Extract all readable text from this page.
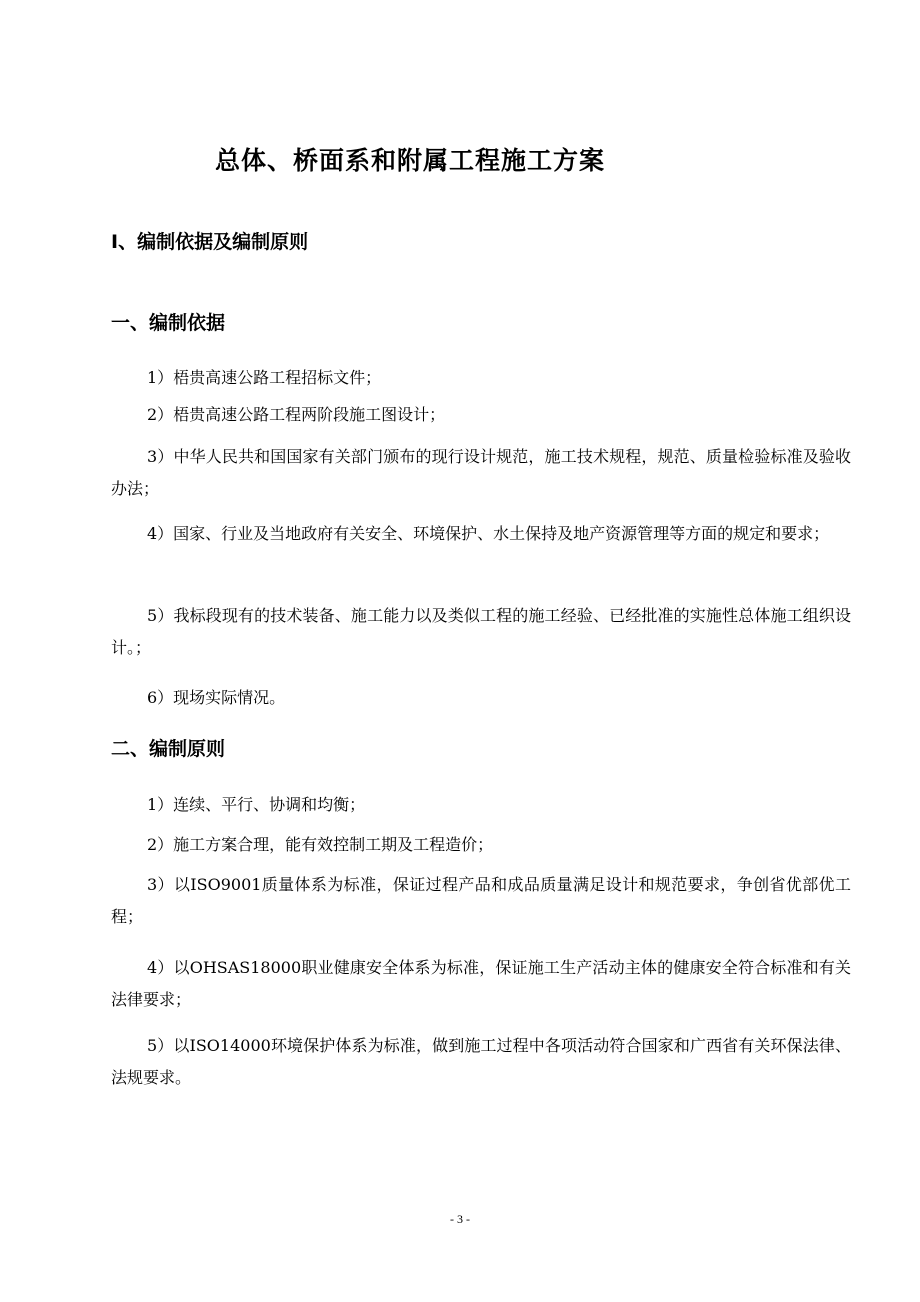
总体、桥面系和附属工程施工方案
Ⅰ、编制依据及编制原则
一、编制依据
1）梧贵高速公路工程招标文件；
2）梧贵高速公路工程两阶段施工图设计；
3）中华人民共和国国家有关部门颁布的现行设计规范，施工技术规程，规范、质量检验标准及验收办法；
4）国家、行业及当地政府有关安全、环境保护、水土保持及地产资源管理等方面的规定和要求；
5）我标段现有的技术装备、施工能力以及类似工程的施工经验、已经批准的实施性总体施工组织设计。；
6）现场实际情况。
二、编制原则
1）连续、平行、协调和均衡；
2）施工方案合理，能有效控制工期及工程造价；
3）以ISO9001质量体系为标准，保证过程产品和成品质量满足设计和规范要求，争创省优部优工程；
4）以OHSAS18000职业健康安全体系为标准，保证施工生产活动主体的健康安全符合标准和有关法律要求；
5）以ISO14000环境保护体系为标准，做到施工过程中各项活动符合国家和广西省有关环保法律、法规要求。
- 3 -
